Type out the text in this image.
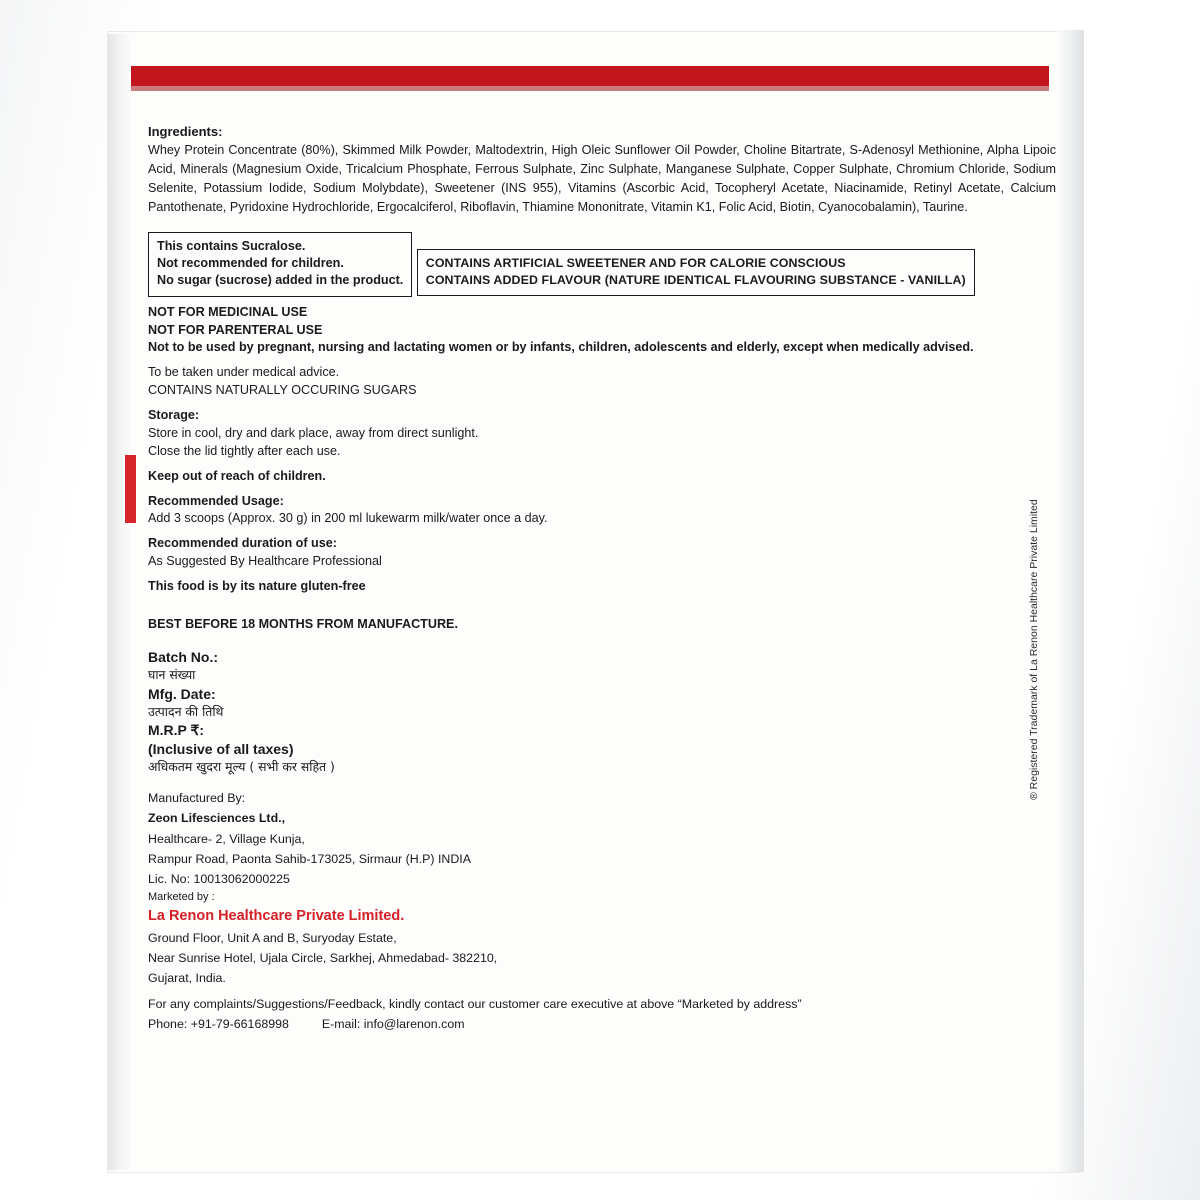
Ingredients:
Whey Protein Concentrate (80%), Skimmed Milk Powder, Maltodextrin, High Oleic Sunflower Oil Powder, Choline Bitartrate, S-Adenosyl Methionine, Alpha Lipoic Acid, Minerals (Magnesium Oxide, Tricalcium Phosphate, Ferrous Sulphate, Zinc Sulphate, Manganese Sulphate, Copper Sulphate, Chromium Chloride, Sodium Selenite, Potassium Iodide, Sodium Molybdate), Sweetener (INS 955), Vitamins (Ascorbic Acid, Tocopheryl Acetate, Niacinamide, Retinyl Acetate, Calcium Pantothenate, Pyridoxine Hydrochloride, Ergocalciferol, Riboflavin, Thiamine Mononitrate, Vitamin K1, Folic Acid, Biotin, Cyanocobalamin), Taurine.
This contains Sucralose.
Not recommended for children.
No sugar (sucrose) added in the product.

CONTAINS ARTIFICIAL SWEETENER AND FOR CALORIE CONSCIOUS
CONTAINS ADDED FLAVOUR (NATURE IDENTICAL FLAVOURING SUBSTANCE - VANILLA)
NOT FOR MEDICINAL USE
NOT FOR PARENTERAL USE
Not to be used by pregnant, nursing and lactating women or by infants, children, adolescents and elderly, except when medically advised.
To be taken under medical advice.
CONTAINS NATURALLY OCCURING SUGARS
Storage:
Store in cool, dry and dark place, away from direct sunlight.
Close the lid tightly after each use.
Keep out of reach of children.
Recommended Usage:
Add 3 scoops (Approx. 30 g) in 200 ml lukewarm milk/water once a day.
Recommended duration of use:
As Suggested By Healthcare Professional
This food is by its nature gluten-free
BEST BEFORE 18 MONTHS FROM MANUFACTURE.
Batch No.:
घान संख्या
Mfg. Date:
उत्पादन की तिथि
M.R.P ₹:
(Inclusive of all taxes)
अधिकतम खुदरा मूल्य ( सभी कर सहित )
Manufactured By:
Zeon Lifesciences Ltd.,
Healthcare- 2, Village Kunja,
Rampur Road, Paonta Sahib-173025, Sirmaur (H.P) INDIA
Lic. No: 10013062000225
Marketed by :
La Renon Healthcare Private Limited.
Ground Floor, Unit A and B, Suryoday Estate,
Near Sunrise Hotel, Ujala Circle, Sarkhej, Ahmedabad- 382210,
Gujarat, India.
For any complaints/Suggestions/Feedback, kindly contact our customer care executive at above “Marketed by address”
Phone: +91-79-66168998	E-mail: info@larenon.com
® Registered Trademark of La Renon Healthcare Private Limited
